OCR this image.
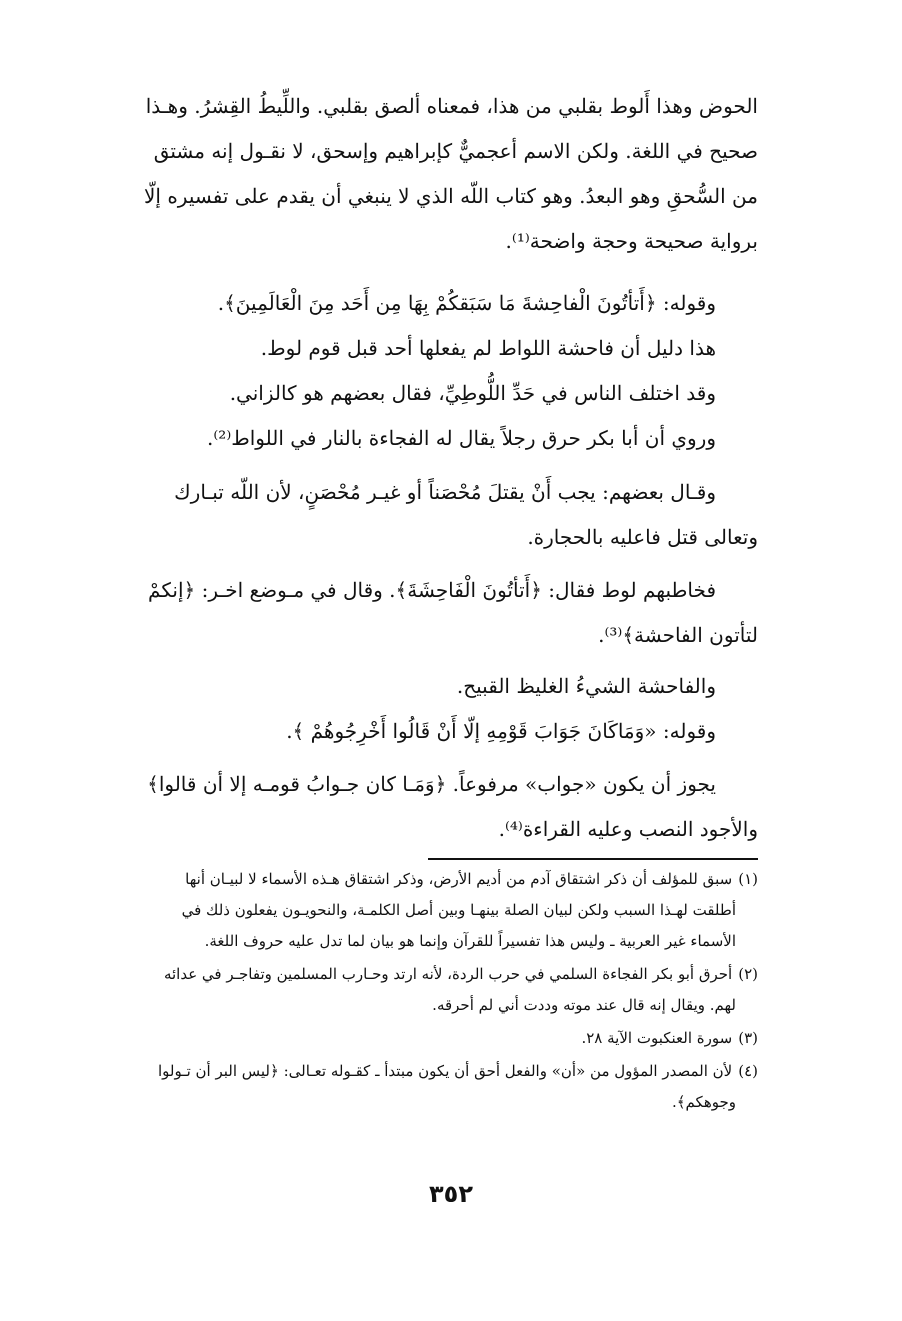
الحوض وهذا أَلوط بقلبي من هذا، فمعناه ألصق بقلبي. واللِّيطُ القِشرُ. وهـذا
صحيح في اللغة. ولكن الاسم أعجميٌّ كإبراهيم وإسحق، لا نقـول إنه مشتق
من السُّحقِ وهو البعدُ. وهو كتاب اللّه الذي لا ينبغي أن يقدم على تفسيره إلّا
برواية صحيحة وحجة واضحة⁽¹⁾.
وقوله: ﴿أَتأتُونَ الْفاحِشةَ مَا سَبَقكُمْ بِهَا مِن أَحَد مِنَ الْعَالَمِينَ﴾.
هذا دليل أن فاحشة اللواط لم يفعلها أحد قبل قوم لوط.
وقد اختلف الناس في حَدِّ اللُّوطِيِّ، فقال بعضهم هو كالزاني.
وروي أن أبا بكر حرق رجلاً يقال له الفجاءة بالنار في اللواط⁽²⁾.
وقـال بعضهم: يجب أَنْ يقتلَ مُحْصَناً أو غيـر مُحْصَنٍ، لأن اللّه تبـارك
وتعالى قتل فاعليه بالحجارة.
فخاطبهم لوط فقال: ﴿أَتأتُونَ الْفَاحِشَةَ﴾. وقال في مـوضع اخـر: ﴿إنكمْ
لتأتون الفاحشة﴾⁽³⁾.
والفاحشة الشيءُ الغليظ القبيح.
وقوله: «وَمَاكَانَ جَوَابَ قَوْمِهِ إلّا أَنْ قَالُوا أَخْرِجُوهُمْ ﴾.
يجوز أن يكون «جواب» مرفوعاً. ﴿وَمَـا كان جـوابُ قومـه إلا أن قالوا﴾
والأجود النصب وعليه القراءة⁽⁴⁾.
(١)سبق للمؤلف أن ذكر اشتقاق آدم من أديم الأرض، وذكر اشتقاق هـذه الأسماء لا لبيـان أنها
أطلقت لهـذا السبب ولكن لبيان الصلة بينهـا وبين أصل الكلمـة، والنحويـون يفعلون ذلك في
الأسماء غير العربية ـ وليس هذا تفسيراً للقرآن وإنما هو بيان لما تدل عليه حروف اللغة.
(٢)أحرق أبو بكر الفجاءة السلمي في حرب الردة، لأنه ارتد وحـارب المسلمين وتفاجـر في عدائه
لهم. ويقال إنه قال عند موته وددت أني لم أحرقه.
(٣)سورة العنكبوت الآية ٢٨.
(٤)لأن المصدر المؤول من «أن» والفعل أحق أن يكون مبتدأ ـ كقـوله تعـالى: ﴿ليس البر أن تـولوا
وجوهكم﴾.
٣٥٢
